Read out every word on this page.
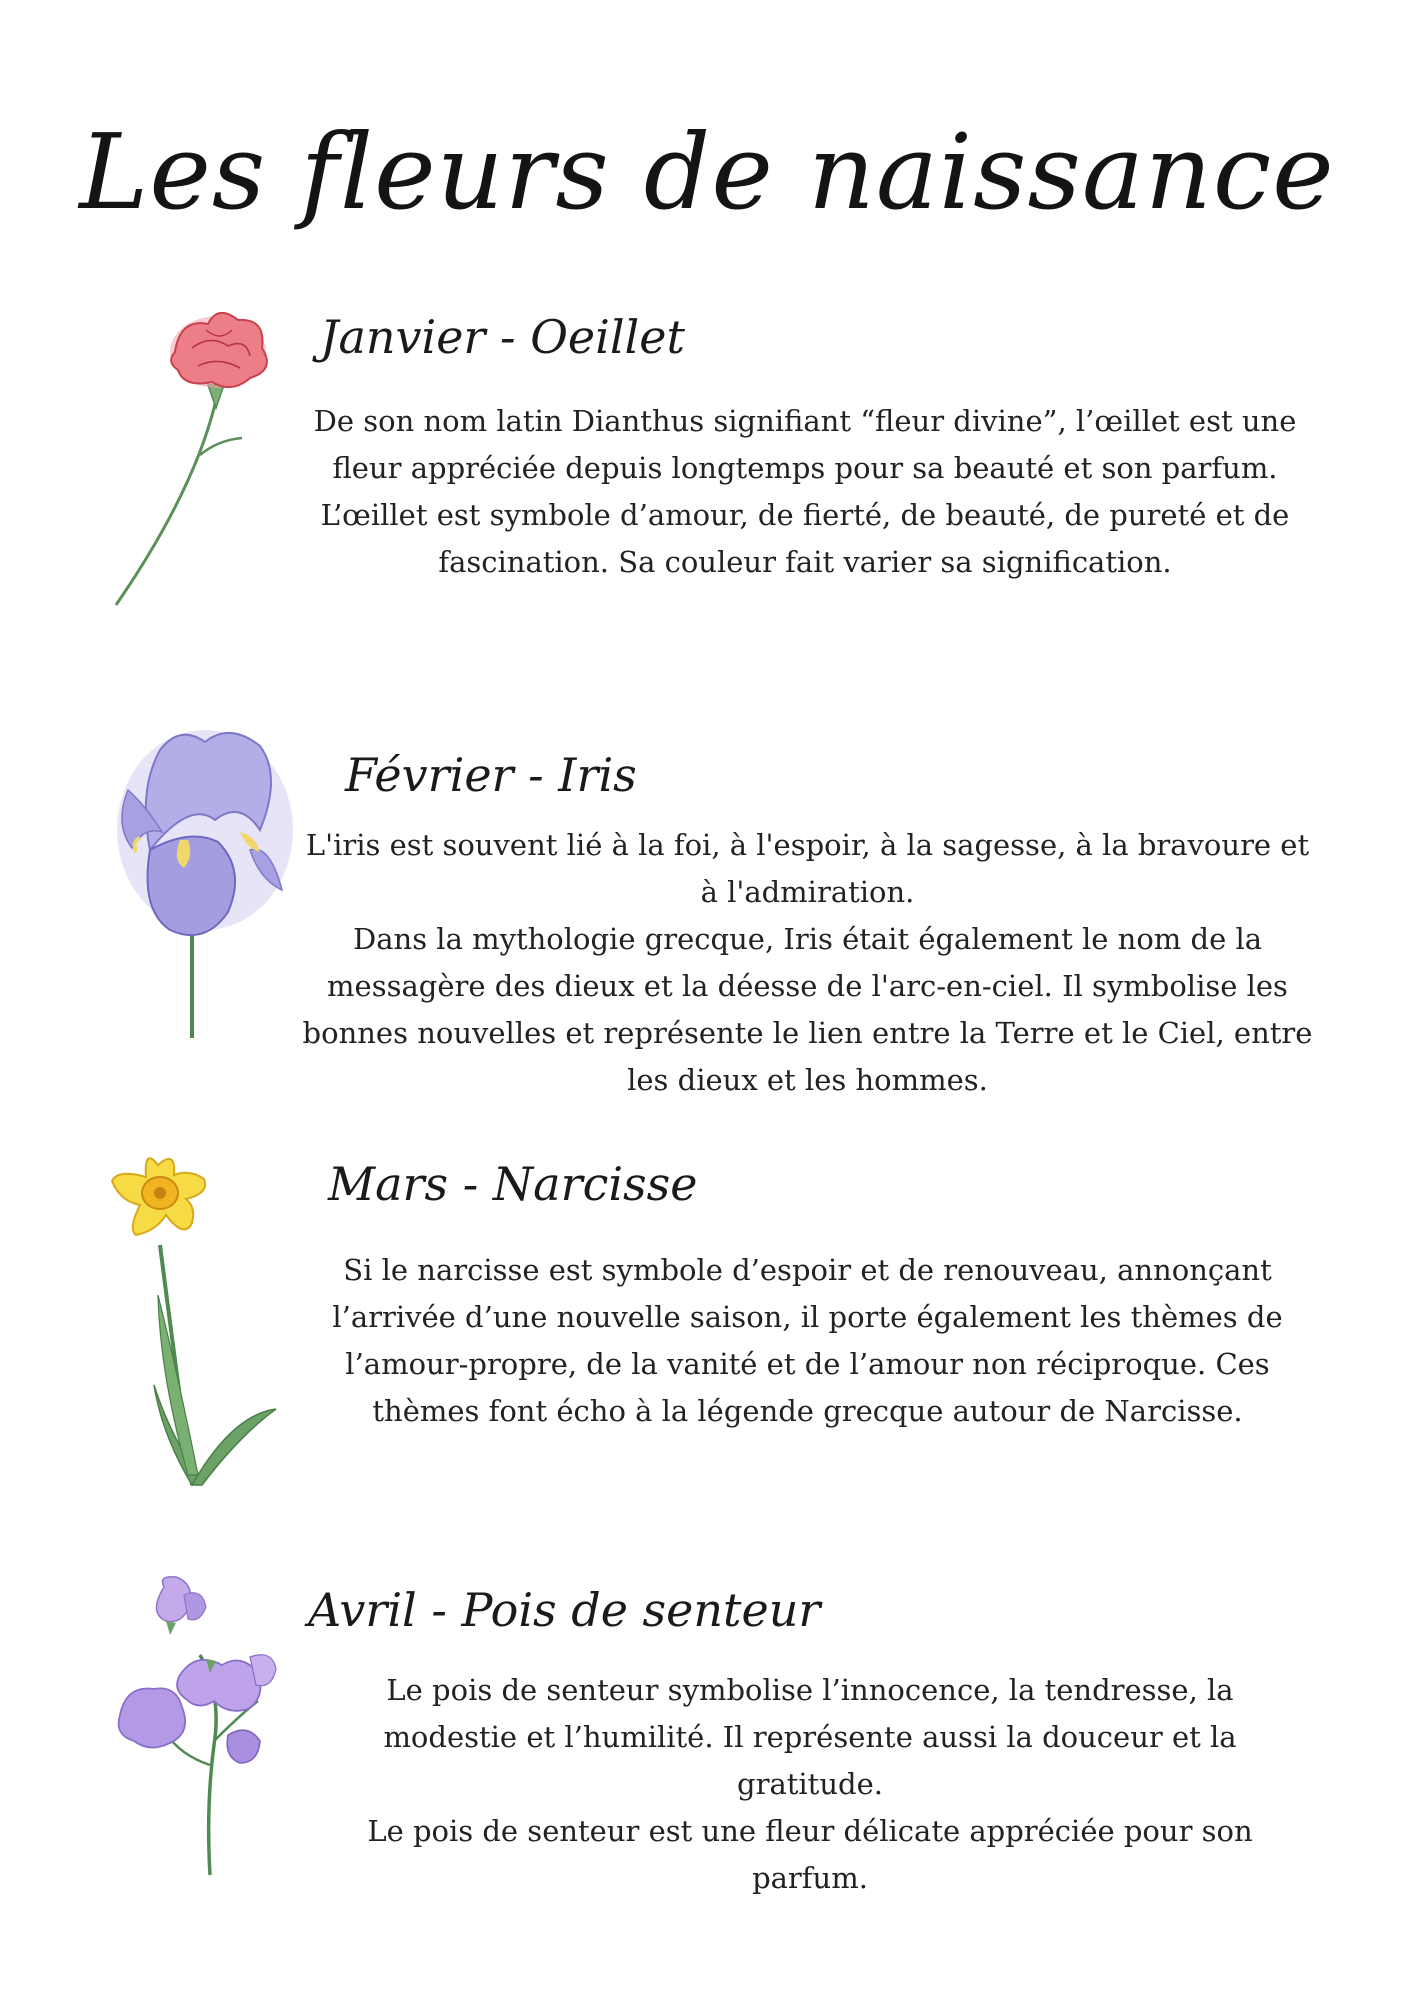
Les fleurs de naissance
Janvier - Oeillet

De son nom latin Dianthus signifiant “fleur divine”, l’œillet est une fleur appréciée depuis longtemps pour sa beauté et son parfum.

L’œillet est symbole d’amour, de fierté, de beauté, de pureté et de fascination. Sa couleur fait varier sa signification.

Février - Iris

L'iris est souvent lié à la foi, à l'espoir, à la sagesse, à la bravoure et à l'admiration.

Dans la mythologie grecque, Iris était également le nom de la messagère des dieux et la déesse de l'arc-en-ciel. Il symbolise les bonnes nouvelles et représente le lien entre la Terre et le Ciel, entre les dieux et les hommes.

Mars - Narcisse

Si le narcisse est symbole d’espoir et de renouveau, annonçant l’arrivée d’une nouvelle saison, il porte également les thèmes de l’amour-propre, de la vanité et de l’amour non réciproque. Ces thèmes font écho à la légende grecque autour de Narcisse.

Avril - Pois de senteur

Le pois de senteur symbolise l’innocence, la tendresse, la modestie et l’humilité. Il représente aussi la douceur et la gratitude.

Le pois de senteur est une fleur délicate appréciée pour son parfum.
